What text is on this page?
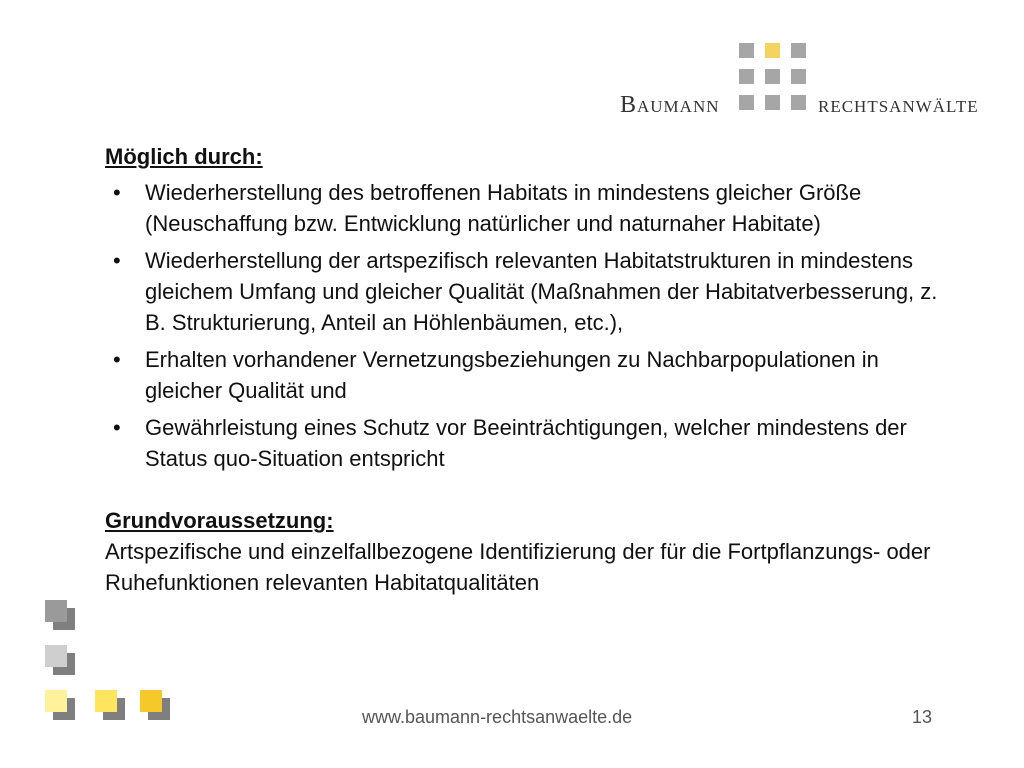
Baumann	rechtsanwälte

Möglich durch:

• Wiederherstellung des betroffenen Habitats in mindestens gleicher Größe (Neuschaffung bzw. Entwicklung natürlicher und naturnaher Habitate)
• Wiederherstellung der artspezifisch relevanten Habitatstrukturen in mindestens gleichem Umfang und gleicher Qualität (Maßnahmen der Habitatverbesserung, z. B. Strukturierung, Anteil an Höhlenbäumen, etc.),
• Erhalten vorhandener Vernetzungsbeziehungen zu Nachbarpopulationen in gleicher Qualität und
• Gewährleistung eines Schutz vor Beeinträchtigungen, welcher mindestens der Status quo-Situation entspricht

Grundvoraussetzung:

Artspezifische und einzelfallbezogene Identifizierung der für die Fortpflanzungs- oder Ruhefunktionen relevanten Habitatqualitäten

www.baumann-rechtsanwaelte.de	13
